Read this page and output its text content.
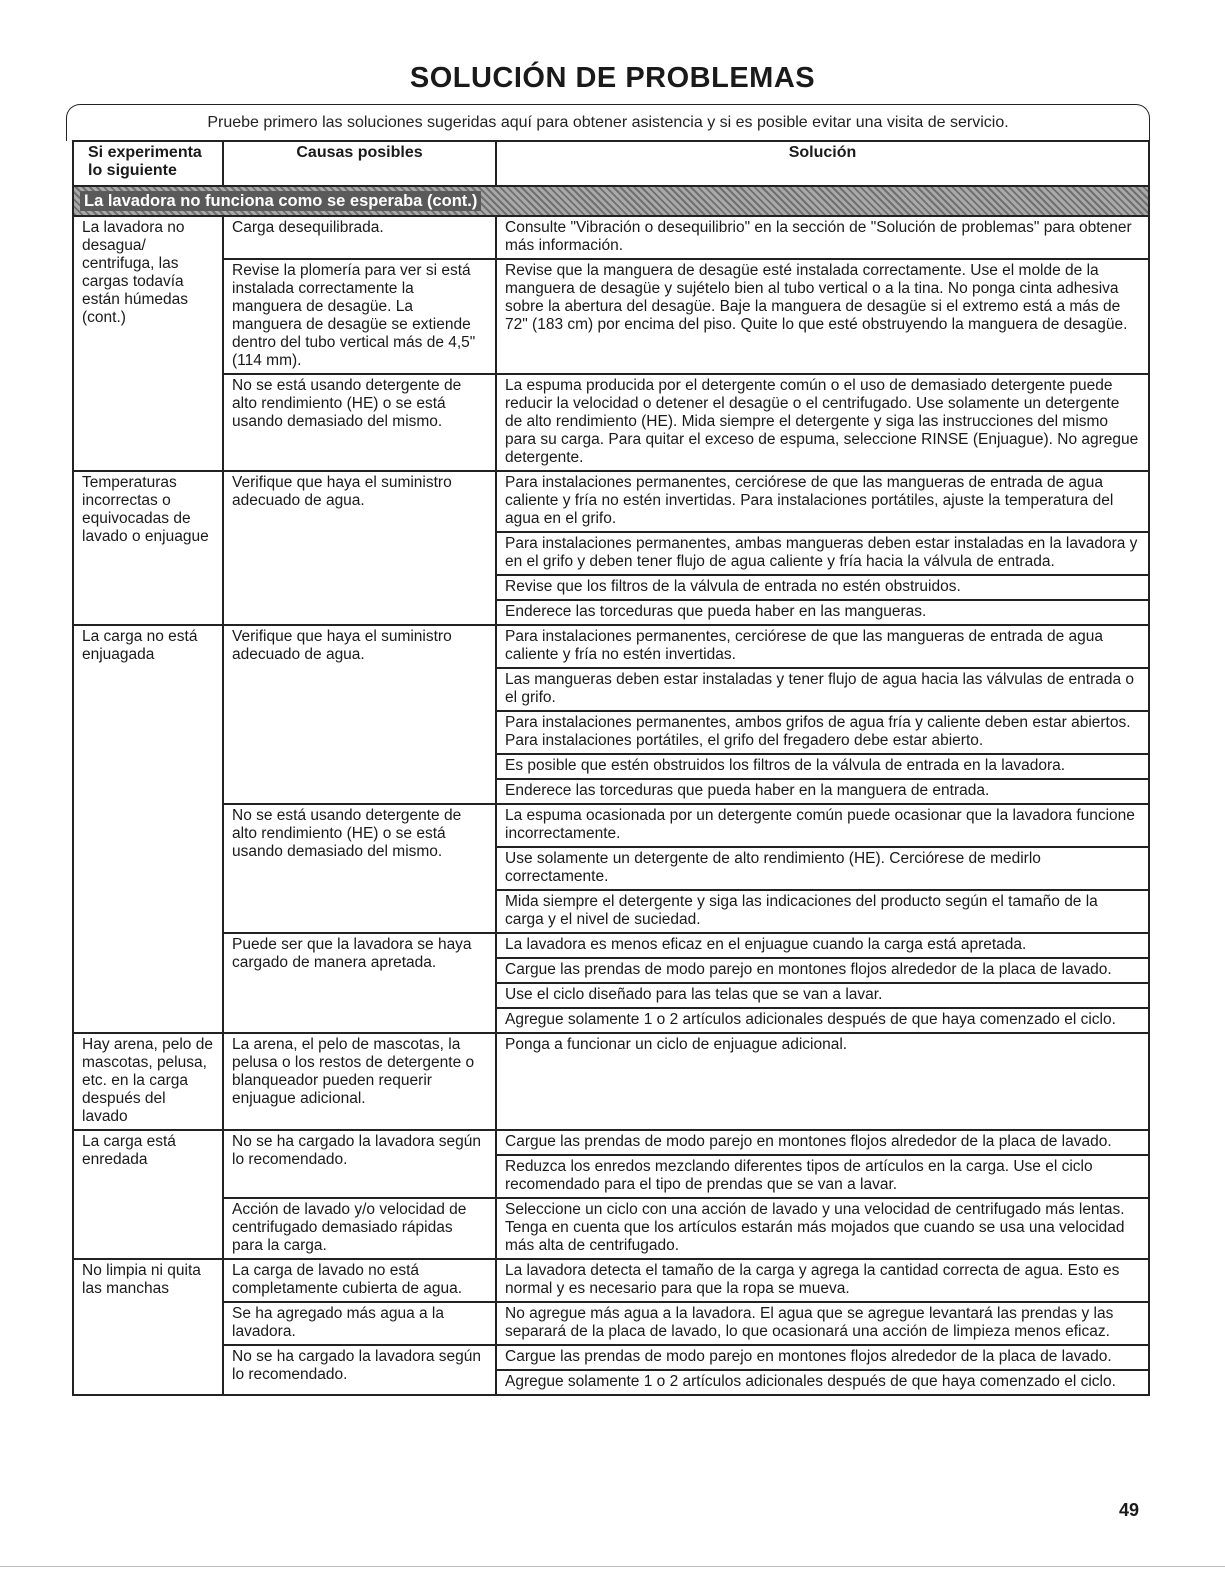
SOLUCIÓN DE PROBLEMAS
Pruebe primero las soluciones sugeridas aquí para obtener asistencia y si es posible evitar una visita de servicio.
Si experimenta lo siguiente	Causas posibles	Solución
La lavadora no funciona como se esperaba (cont.)		
La lavadora no desagua/ centrifuga, las cargas todavía están húmedas (cont.)	Carga desequilibrada.	Consulte "Vibración o desequilibrio" en la sección de "Solución de problemas" para obtener más información.
	Revise la plomería para ver si está instalada correctamente la manguera de desagüe. La manguera de desagüe se extiende dentro del tubo vertical más de 4,5" (114 mm).	Revise que la manguera de desagüe esté instalada correctamente. Use el molde de la manguera de desagüe y sujételo bien al tubo vertical o a la tina. No ponga cinta adhesiva sobre la abertura del desagüe. Baje la manguera de desagüe si el extremo está a más de 72" (183 cm) por encima del piso. Quite lo que esté obstruyendo la manguera de desagüe.
	No se está usando detergente de alto rendimiento (HE) o se está usando demasiado del mismo.	La espuma producida por el detergente común o el uso de demasiado detergente puede reducir la velocidad o detener el desagüe o el centrifugado. Use solamente un detergente de alto rendimiento (HE). Mida siempre el detergente y siga las instrucciones del mismo para su carga. Para quitar el exceso de espuma, seleccione RINSE (Enjuague). No agregue detergente.
Temperaturas incorrectas o equivocadas de lavado o enjuague	Verifique que haya el suministro adecuado de agua.	Para instalaciones permanentes, cerciórese de que las mangueras de entrada de agua caliente y fría no estén invertidas. Para instalaciones portátiles, ajuste la temperatura del agua en el grifo.
		Para instalaciones permanentes, ambas mangueras deben estar instaladas en la lavadora y en el grifo y deben tener flujo de agua caliente y fría hacia la válvula de entrada.
		Revise que los filtros de la válvula de entrada no estén obstruidos.
		Enderece las torceduras que pueda haber en las mangueras.
La carga no está enjuagada	Verifique que haya el suministro adecuado de agua.	Para instalaciones permanentes, cerciórese de que las mangueras de entrada de agua caliente y fría no estén invertidas.
		Las mangueras deben estar instaladas y tener flujo de agua hacia las válvulas de entrada o el grifo.
		Para instalaciones permanentes, ambos grifos de agua fría y caliente deben estar abiertos. Para instalaciones portátiles, el grifo del fregadero debe estar abierto.
		Es posible que estén obstruidos los filtros de la válvula de entrada en la lavadora.
		Enderece las torceduras que pueda haber en la manguera de entrada.
	No se está usando detergente de alto rendimiento (HE) o se está usando demasiado del mismo.	La espuma ocasionada por un detergente común puede ocasionar que la lavadora funcione incorrectamente.
		Use solamente un detergente de alto rendimiento (HE). Cerciórese de medirlo correctamente.
		Mida siempre el detergente y siga las indicaciones del producto según el tamaño de la carga y el nivel de suciedad.
	Puede ser que la lavadora se haya cargado de manera apretada.	La lavadora es menos eficaz en el enjuague cuando la carga está apretada.
		Cargue las prendas de modo parejo en montones flojos alrededor de la placa de lavado.
		Use el ciclo diseñado para las telas que se van a lavar.
		Agregue solamente 1 o 2 artículos adicionales después de que haya comenzado el ciclo.
Hay arena, pelo de mascotas, pelusa, etc. en la carga después del lavado	La arena, el pelo de mascotas, la pelusa o los restos de detergente o blanqueador pueden requerir enjuague adicional.	Ponga a funcionar un ciclo de enjuague adicional.
La carga está enredada	No se ha cargado la lavadora según lo recomendado.	Cargue las prendas de modo parejo en montones flojos alrededor de la placa de lavado.
		Reduzca los enredos mezclando diferentes tipos de artículos en la carga. Use el ciclo recomendado para el tipo de prendas que se van a lavar.
	Acción de lavado y/o velocidad de centrifugado demasiado rápidas para la carga.	Seleccione un ciclo con una acción de lavado y una velocidad de centrifugado más lentas. Tenga en cuenta que los artículos estarán más mojados que cuando se usa una velocidad más alta de centrifugado.
No limpia ni quita las manchas	La carga de lavado no está completamente cubierta de agua.	La lavadora detecta el tamaño de la carga y agrega la cantidad correcta de agua. Esto es normal y es necesario para que la ropa se mueva.
	Se ha agregado más agua a la lavadora.	No agregue más agua a la lavadora. El agua que se agregue levantará las prendas y las separará de la placa de lavado, lo que ocasionará una acción de limpieza menos eficaz.
	No se ha cargado la lavadora según lo recomendado.	Cargue las prendas de modo parejo en montones flojos alrededor de la placa de lavado.
		Agregue solamente 1 o 2 artículos adicionales después de que haya comenzado el ciclo.
49
